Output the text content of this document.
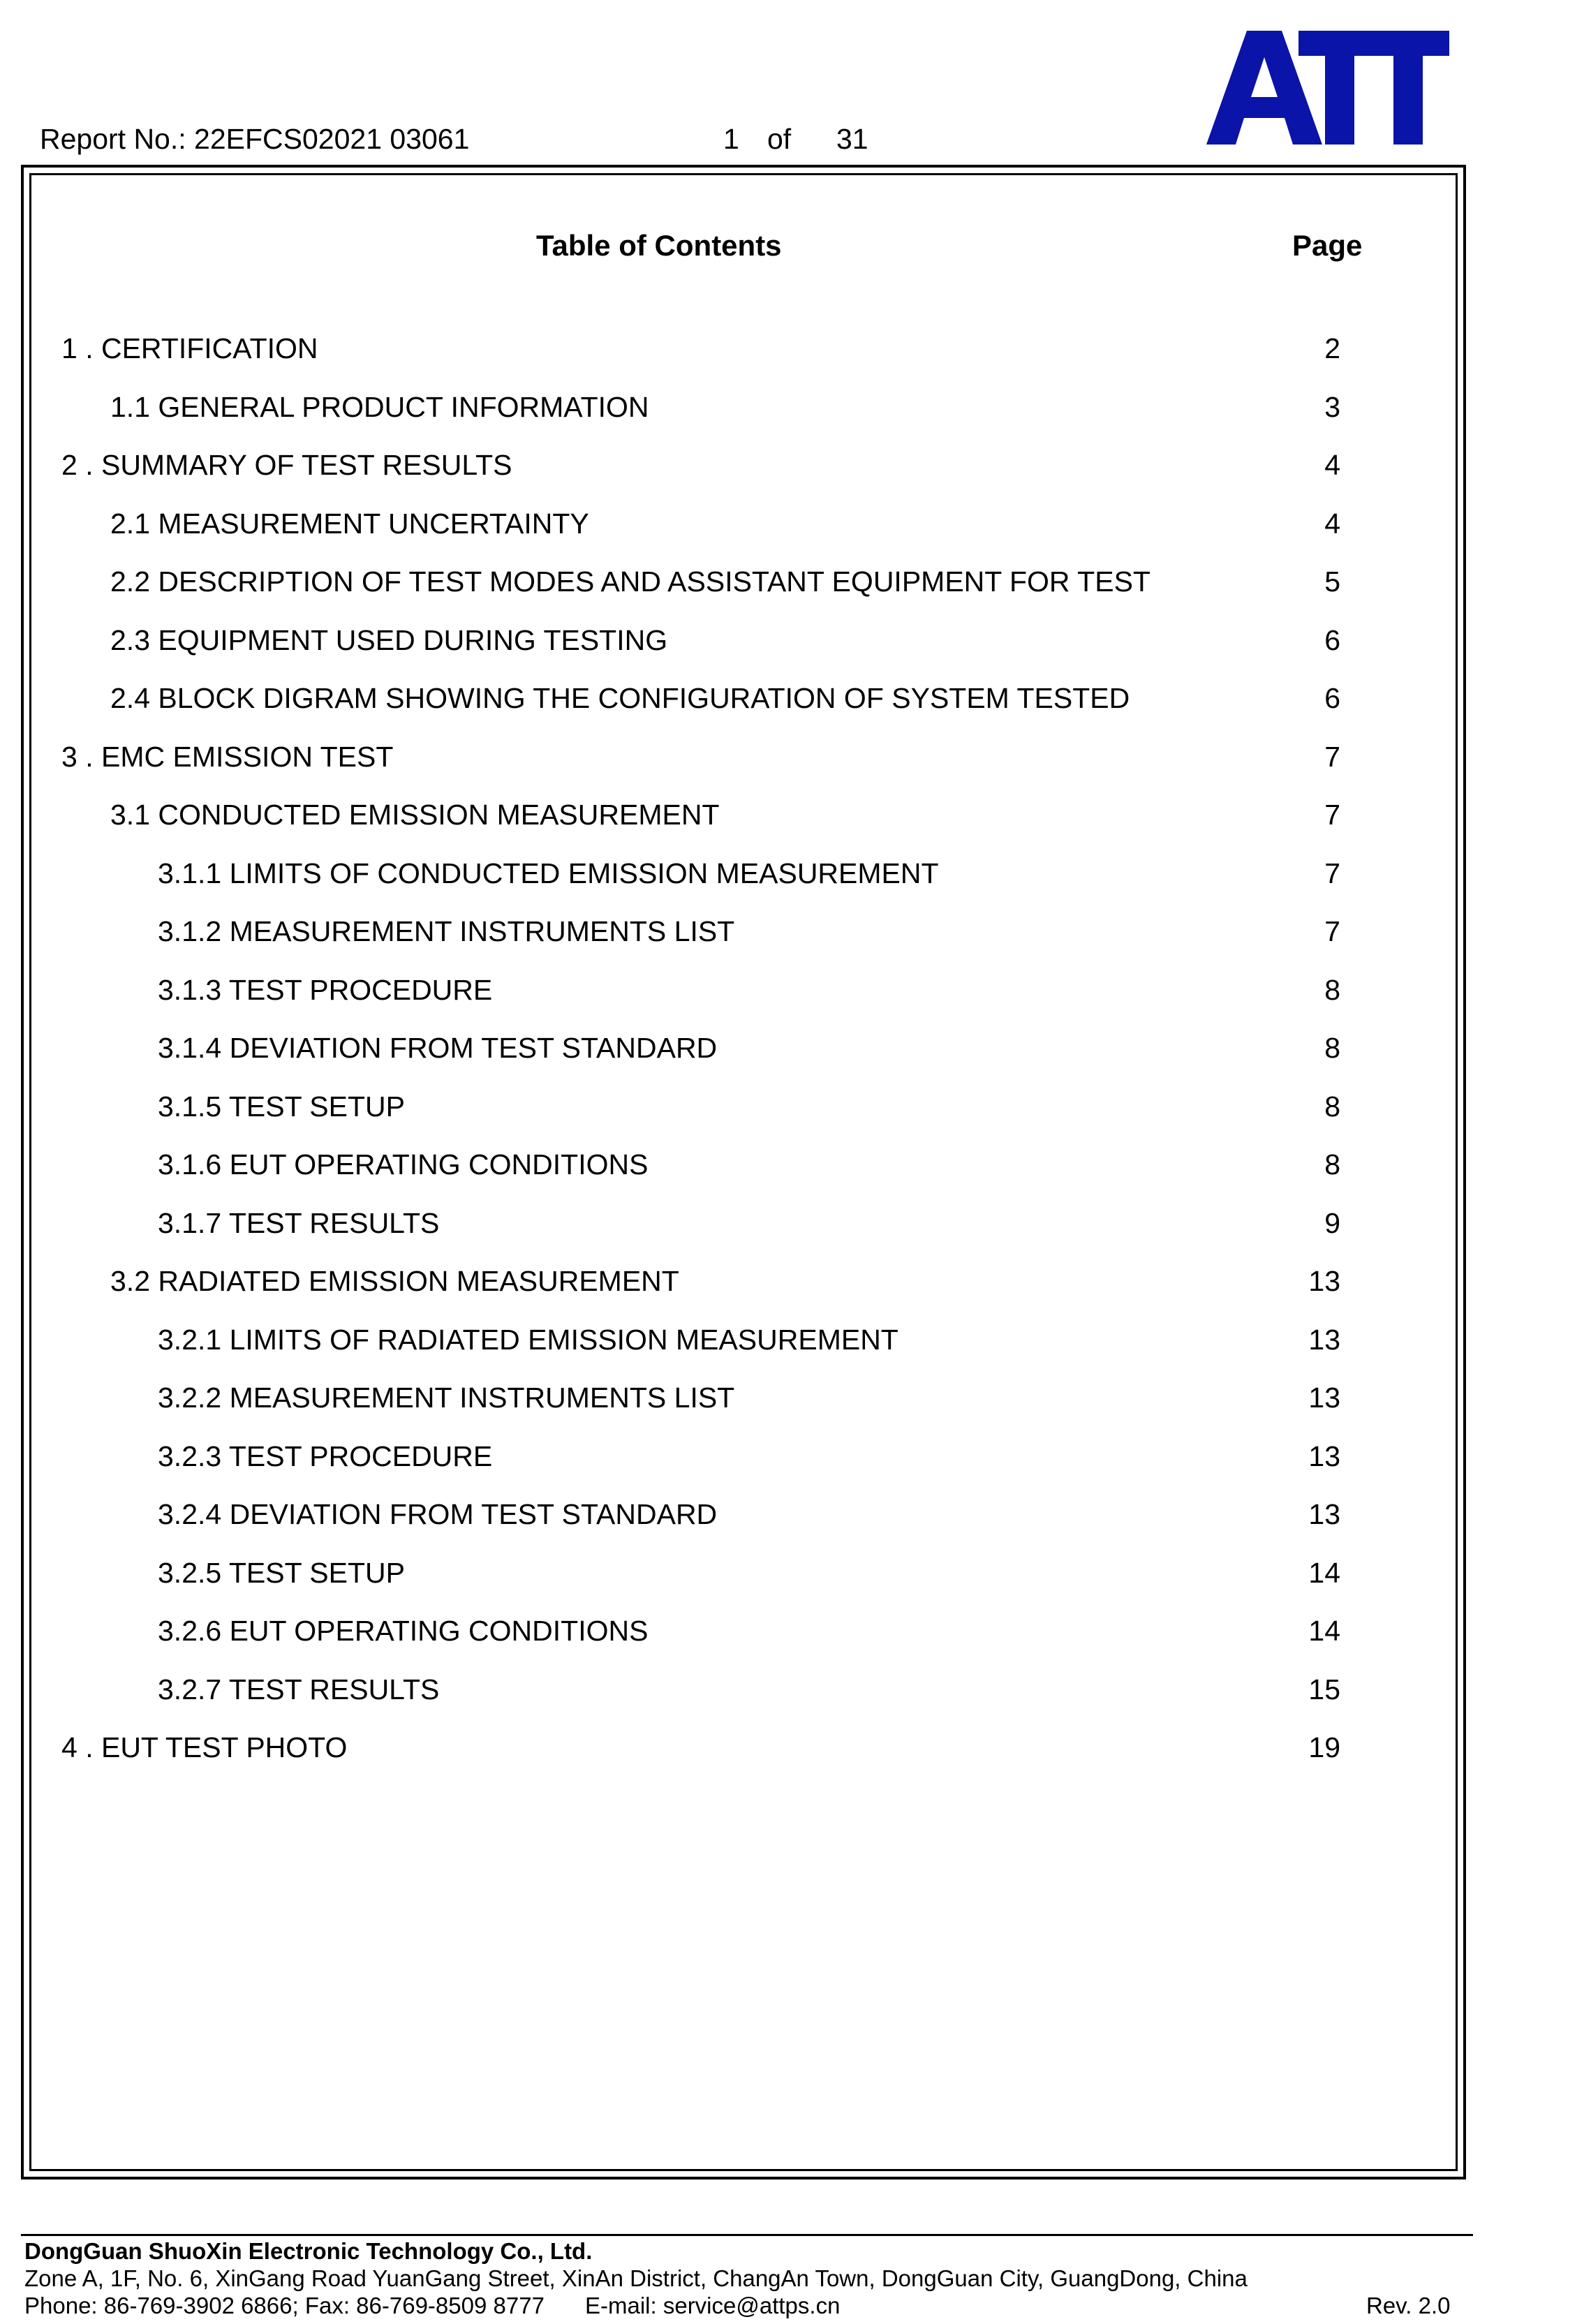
Report No.: 22EFCS02021 03061	1 of 31
Table of Contents	Page
1 . CERTIFICATION	2
1.1 GENERAL PRODUCT INFORMATION	3
2 . SUMMARY OF TEST RESULTS	4
2.1 MEASUREMENT UNCERTAINTY	4
2.2 DESCRIPTION OF TEST MODES AND ASSISTANT EQUIPMENT FOR TEST	5
2.3 EQUIPMENT USED DURING TESTING	6
2.4 BLOCK DIGRAM SHOWING THE CONFIGURATION OF SYSTEM TESTED	6
3 . EMC EMISSION TEST	7
3.1 CONDUCTED EMISSION MEASUREMENT	7
3.1.1 LIMITS OF CONDUCTED EMISSION MEASUREMENT	7
3.1.2 MEASUREMENT INSTRUMENTS LIST	7
3.1.3 TEST PROCEDURE	8
3.1.4 DEVIATION FROM TEST STANDARD	8
3.1.5 TEST SETUP	8
3.1.6 EUT OPERATING CONDITIONS	8
3.1.7 TEST RESULTS	9
3.2 RADIATED EMISSION MEASUREMENT	13
3.2.1 LIMITS OF RADIATED EMISSION MEASUREMENT	13
3.2.2 MEASUREMENT INSTRUMENTS LIST	13
3.2.3 TEST PROCEDURE	13
3.2.4 DEVIATION FROM TEST STANDARD	13
3.2.5 TEST SETUP	14
3.2.6 EUT OPERATING CONDITIONS	14
3.2.7 TEST RESULTS	15
4 . EUT TEST PHOTO	19
DongGuan ShuoXin Electronic Technology Co., Ltd.
Zone A, 1F, No. 6, XinGang Road YuanGang Street, XinAn District, ChangAn Town, DongGuan City, GuangDong, China
Phone: 86-769-3902 6866; Fax: 86-769-8509 8777 E-mail: service@attps.cn	Rev. 2.0
